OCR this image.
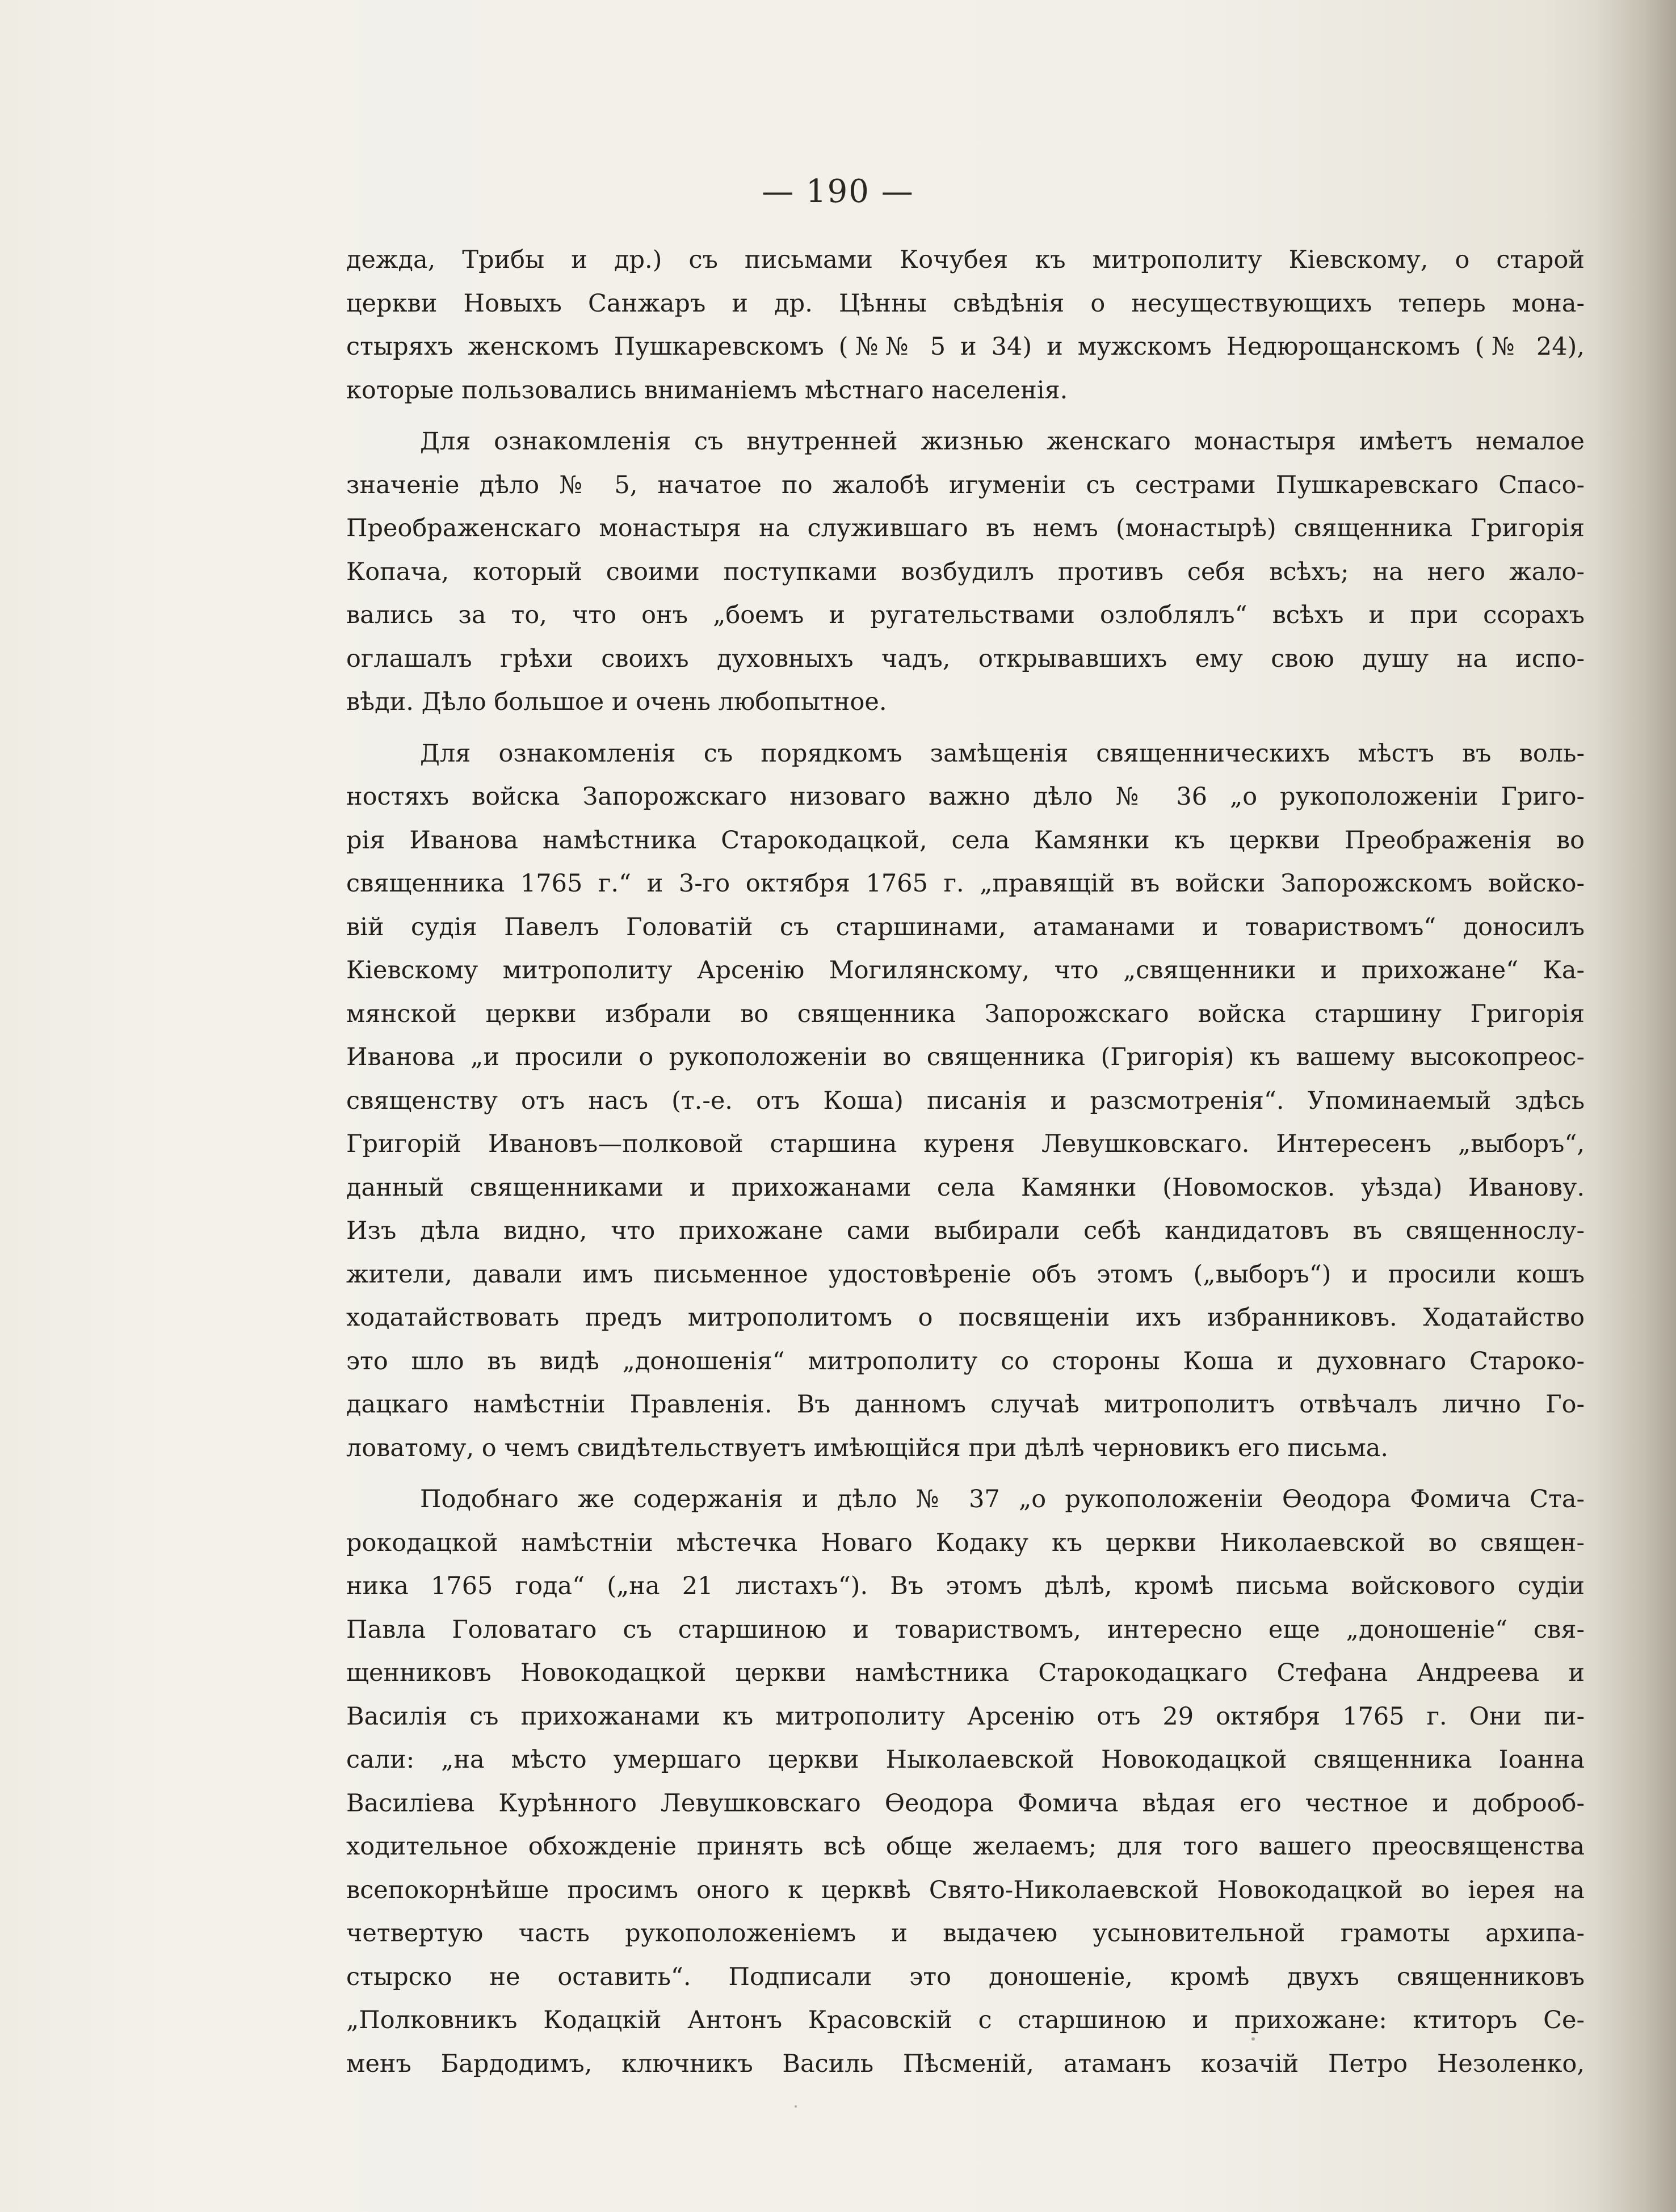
— 190 —
дежда, Трибы и др.) съ письмами Кочубея къ митрополиту Кіевскому, о старой
церкви Новыхъ Санжаръ и др. Цѣнны свѣдѣнія о несуществующихъ теперь мона-
стыряхъ женскомъ Пушкаревскомъ (№№ 5 и 34) и мужскомъ Недюрощанскомъ (№ 24),
которые пользовались вниманіемъ мѣстнаго населенія.
Для ознакомленія съ внутренней жизнью женскаго монастыря имѣетъ немалое
значеніе дѣло № 5, начатое по жалобѣ игуменіи съ сестрами Пушкаревскаго Спасо-
Преображенскаго монастыря на служившаго въ немъ (монастырѣ) священника Григорія
Копача, который своими поступками возбудилъ противъ себя всѣхъ; на него жало-
вались за то, что онъ „боемъ и ругательствами озлоблялъ“ всѣхъ и при ссорахъ
оглашалъ грѣхи своихъ духовныхъ чадъ, открывавшихъ ему свою душу на испо-
вѣди. Дѣло большое и очень любопытное.
Для ознакомленія съ порядкомъ замѣщенія священническихъ мѣстъ въ воль-
ностяхъ войска Запорожскаго низоваго важно дѣло № 36 „о рукоположеніи Григо-
рія Иванова намѣстника Старокодацкой, села Камянки къ церкви Преображенія во
священника 1765 г.“ и 3-го октября 1765 г. „правящій въ войски Запорожскомъ войско-
вій судія Павелъ Головатій съ старшинами, атаманами и товариствомъ“ доносилъ
Кіевскому митрополиту Арсенію Могилянскому, что „священники и прихожане“ Ка-
мянской церкви избрали во священника Запорожскаго войска старшину Григорія
Иванова „и просили о рукоположеніи во священника (Григорія) къ вашему высокопреос-
священству отъ насъ (т.-е. отъ Коша) писанія и разсмотренія“. Упоминаемый здѣсь
Григорій Ивановъ—полковой старшина куреня Левушковскаго. Интересенъ „выборъ“,
данный священниками и прихожанами села Камянки (Новомосков. уѣзда) Иванову.
Изъ дѣла видно, что прихожане сами выбирали себѣ кандидатовъ въ священнослу-
жители, давали имъ письменное удостовѣреніе объ этомъ („выборъ“) и просили кошъ
ходатайствовать предъ митрополитомъ о посвященіи ихъ избранниковъ. Ходатайство
это шло въ видѣ „доношенія“ митрополиту со стороны Коша и духовнаго Староко-
дацкаго намѣстніи Правленія. Въ данномъ случаѣ митрополитъ отвѣчалъ лично Го-
ловатому, о чемъ свидѣтельствуетъ имѣющійся при дѣлѣ черновикъ его письма.
Подобнаго же содержанія и дѣло № 37 „о рукоположеніи Ѳеодора Фомича Ста-
рокодацкой намѣстніи мѣстечка Новаго Кодаку къ церкви Николаевской во священ-
ника 1765 года“ („на 21 листахъ“). Въ этомъ дѣлѣ, кромѣ письма войскового судіи
Павла Головатаго съ старшиною и товариствомъ, интересно еще „доношеніе“ свя-
щенниковъ Новокодацкой церкви намѣстника Старокодацкаго Стефана Андреева и
Василія съ прихожанами къ митрополиту Арсенію отъ 29 октября 1765 г. Они пи-
сали: „на мѣсто умершаго церкви Ныколаевской Новокодацкой священника Іоанна
Василіева Курѣнного Левушковскаго Ѳеодора Фомича вѣдая его честное и доброоб-
ходительное обхожденіе принять всѣ обще желаемъ; для того вашего преосвященства
всепокорнѣйше просимъ оного к церквѣ Свято-Николаевской Новокодацкой во іерея на
четвертую часть рукоположеніемъ и выдачею усыновительной грамоты архипа-
стырско не оставить“. Подписали это доношеніе, кромѣ двухъ священниковъ
„Полковникъ Кодацкій Антонъ Красовскій с старшиною и прихожане: ктиторъ Се-
менъ Бардодимъ, ключникъ Василь Пѣсменій, атаманъ козачій Петро Незоленко,
